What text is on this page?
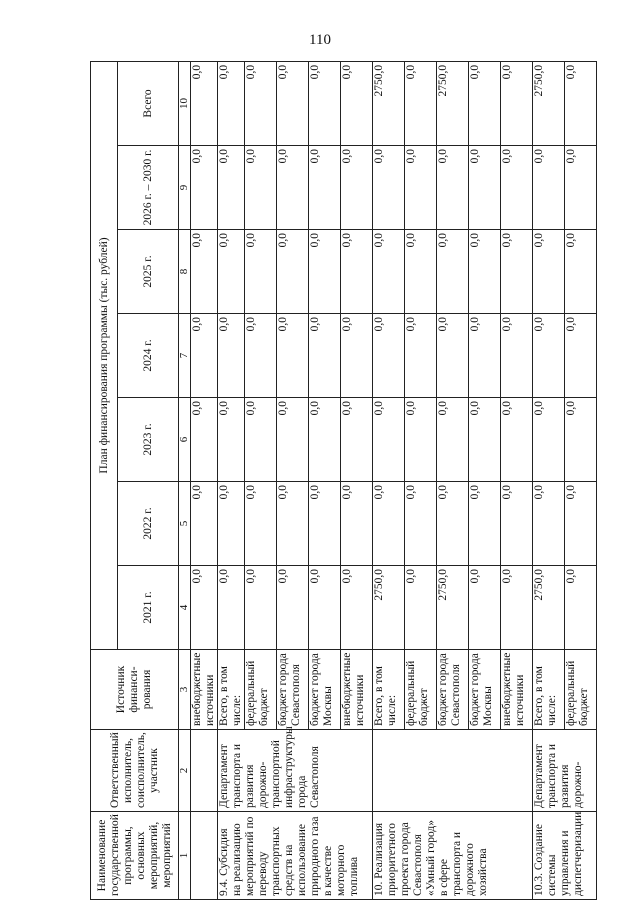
110
Наименование государственной программы, основных мероприятий, мероприятий	Ответственный исполнитель, соисполнитель, участник	Источник финанси-рования	План финансирования программы (тыс. рублей)						
			2021 г.	2022 г.	2023 г.	2024 г.	2025 г.	2026 г. – 2030 г.	Всего
1	2	3	4	5	6	7	8	9	10
		внебюджетные источники	0,0	0,0	0,0	0,0	0,0	0,0	0,0
9.4. Субсидия на реализацию мероприятий по переводу транспортных средств на использование природного газа в качестве моторного топлива	Департамент транспорта и развития дорожно-транспортной инфраструктуры города Севастополя	Всего, в том числе:	0,0	0,0	0,0	0,0	0,0	0,0	0,0
		федеральный бюджет	0,0	0,0	0,0	0,0	0,0	0,0	0,0
		бюджет города Севастополя	0,0	0,0	0,0	0,0	0,0	0,0	0,0
		бюджет города Москвы	0,0	0,0	0,0	0,0	0,0	0,0	0,0
		внебюджетные источники	0,0	0,0	0,0	0,0	0,0	0,0	0,0
10. Реализация приоритетного проекта города Севастополя «Умный город» в сфере транспорта и дорожного хозяйства		Всего, в том числе:	2750,0	0,0	0,0	0,0	0,0	0,0	2750,0
		федеральный бюджет	0,0	0,0	0,0	0,0	0,0	0,0	0,0
		бюджет города Севастополя	2750,0	0,0	0,0	0,0	0,0	0,0	2750,0
		бюджет города Москвы	0,0	0,0	0,0	0,0	0,0	0,0	0,0
		внебюджетные источники	0,0	0,0	0,0	0,0	0,0	0,0	0,0
10.3. Создание системы управления и диспетчеризации	Департамент транспорта и развития дорожно-	Всего, в том числе:	2750,0	0,0	0,0	0,0	0,0	0,0	2750,0
		федеральный бюджет	0,0	0,0	0,0	0,0	0,0	0,0	0,0
